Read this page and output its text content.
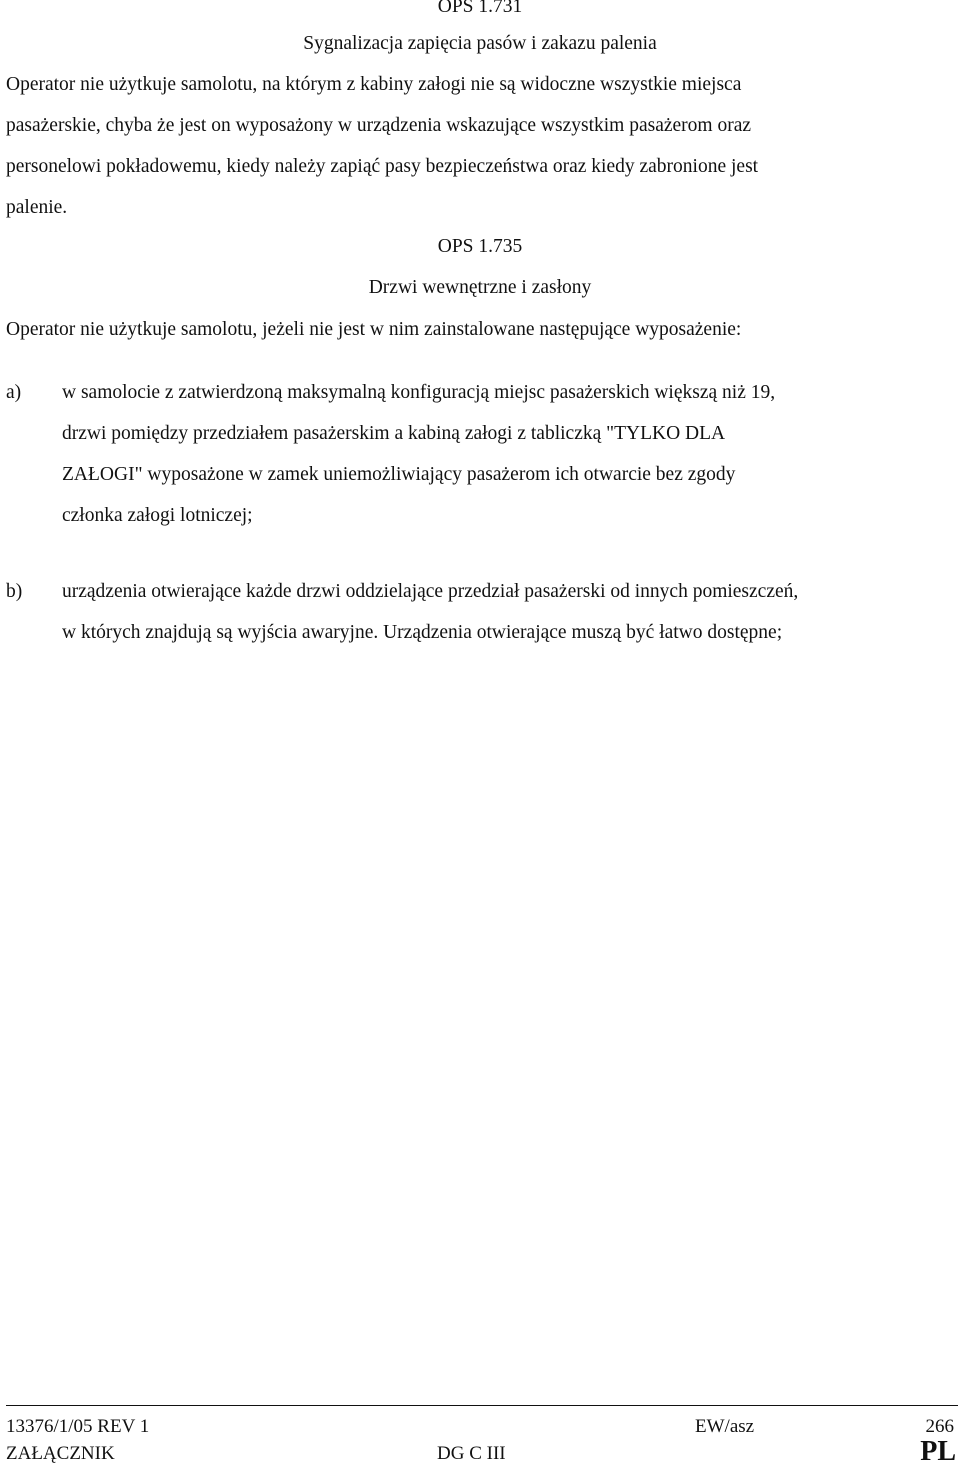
OPS 1.731
Sygnalizacja zapięcia pasów i zakazu palenia
Operator nie użytkuje samolotu, na którym z kabiny załogi nie są widoczne wszystkie miejsca
pasażerskie, chyba że jest on wyposażony w urządzenia wskazujące wszystkim pasażerom oraz
personelowi pokładowemu, kiedy należy zapiąć pasy bezpieczeństwa oraz kiedy zabronione jest
palenie.
OPS 1.735
Drzwi wewnętrzne i zasłony
Operator nie użytkuje samolotu, jeżeli nie jest w nim zainstalowane następujące wyposażenie:
a) w samolocie z zatwierdzoną maksymalną konfiguracją miejsc pasażerskich większą niż 19,
drzwi pomiędzy przedziałem pasażerskim a kabiną załogi z tabliczką "TYLKO DLA
ZAŁOGI" wyposażone w zamek uniemożliwiający pasażerom ich otwarcie bez zgody
członka załogi lotniczej;
b) urządzenia otwierające każde drzwi oddzielające przedział pasażerski od innych pomieszczeń,
w których znajdują są wyjścia awaryjne. Urządzenia otwierające muszą być łatwo dostępne;
13376/1/05 REV 1	EW/asz	266
ZAŁĄCZNIK	DG C III	PL
